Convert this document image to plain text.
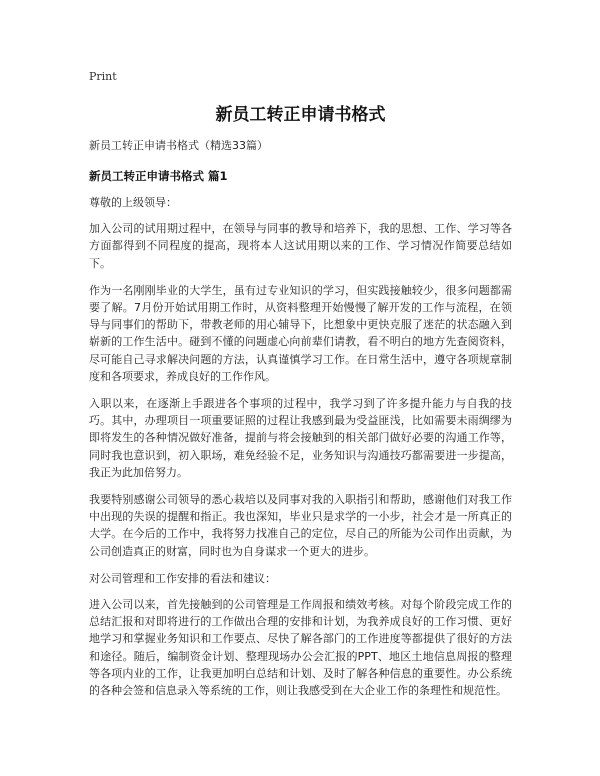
Print
新员工转正申请书格式
新员工转正申请书格式（精选33篇）
新员工转正申请书格式 篇1

尊敬的上级领导：

加入公司的试用期过程中，在领导与同事的教导和培养下，我的思想、工作、学习等各方面都得到不同程度的提高，现将本人这试用期以来的工作、学习情况作简要总结如下。

作为一名刚刚毕业的大学生，虽有过专业知识的学习，但实践接触较少，很多问题都需要了解。7月份开始试用期工作时，从资料整理开始慢慢了解开发的工作与流程，在领导与同事们的帮助下，带教老师的用心辅导下，比想象中更快克服了迷茫的状态融入到崭新的工作生活中。碰到不懂的问题虚心向前辈们请教，看不明白的地方先查阅资料，尽可能自己寻求解决问题的方法，认真谨慎学习工作。在日常生活中，遵守各项规章制度和各项要求，养成良好的工作作风。

入职以来，在逐渐上手跟进各个事项的过程中，我学习到了许多提升能力与自我的技巧。其中，办理项目一项重要证照的过程让我感到最为受益匪浅，比如需要未雨绸缪为即将发生的各种情况做好准备，提前与将会接触到的相关部门做好必要的沟通工作等，同时我也意识到，初入职场，难免经验不足，业务知识与沟通技巧都需要进一步提高，我正为此加倍努力。

我要特别感谢公司领导的悉心栽培以及同事对我的入职指引和帮助，感谢他们对我工作中出现的失误的提醒和指正。我也深知，毕业只是求学的一小步，社会才是一所真正的大学。在今后的工作中，我将努力找准自己的定位，尽自己的所能为公司作出贡献，为公司创造真正的财富，同时也为自身谋求一个更大的进步。

对公司管理和工作安排的看法和建议：

进入公司以来，首先接触到的公司管理是工作周报和绩效考核。对每个阶段完成工作的总结汇报和对即将进行的工作做出合理的安排和计划，为我养成良好的工作习惯、更好地学习和掌握业务知识和工作要点、尽快了解各部门的工作进度等都提供了很好的方法和途径。随后，编制资金计划、整理现场办公会汇报的PPT、地区土地信息周报的整理等各项内业的工作，让我更加明白总结和计划、及时了解各种信息的重要性。办公系统的各种会签和信息录入等系统的工作，则让我感受到在大企业工作的条理性和规范性。
